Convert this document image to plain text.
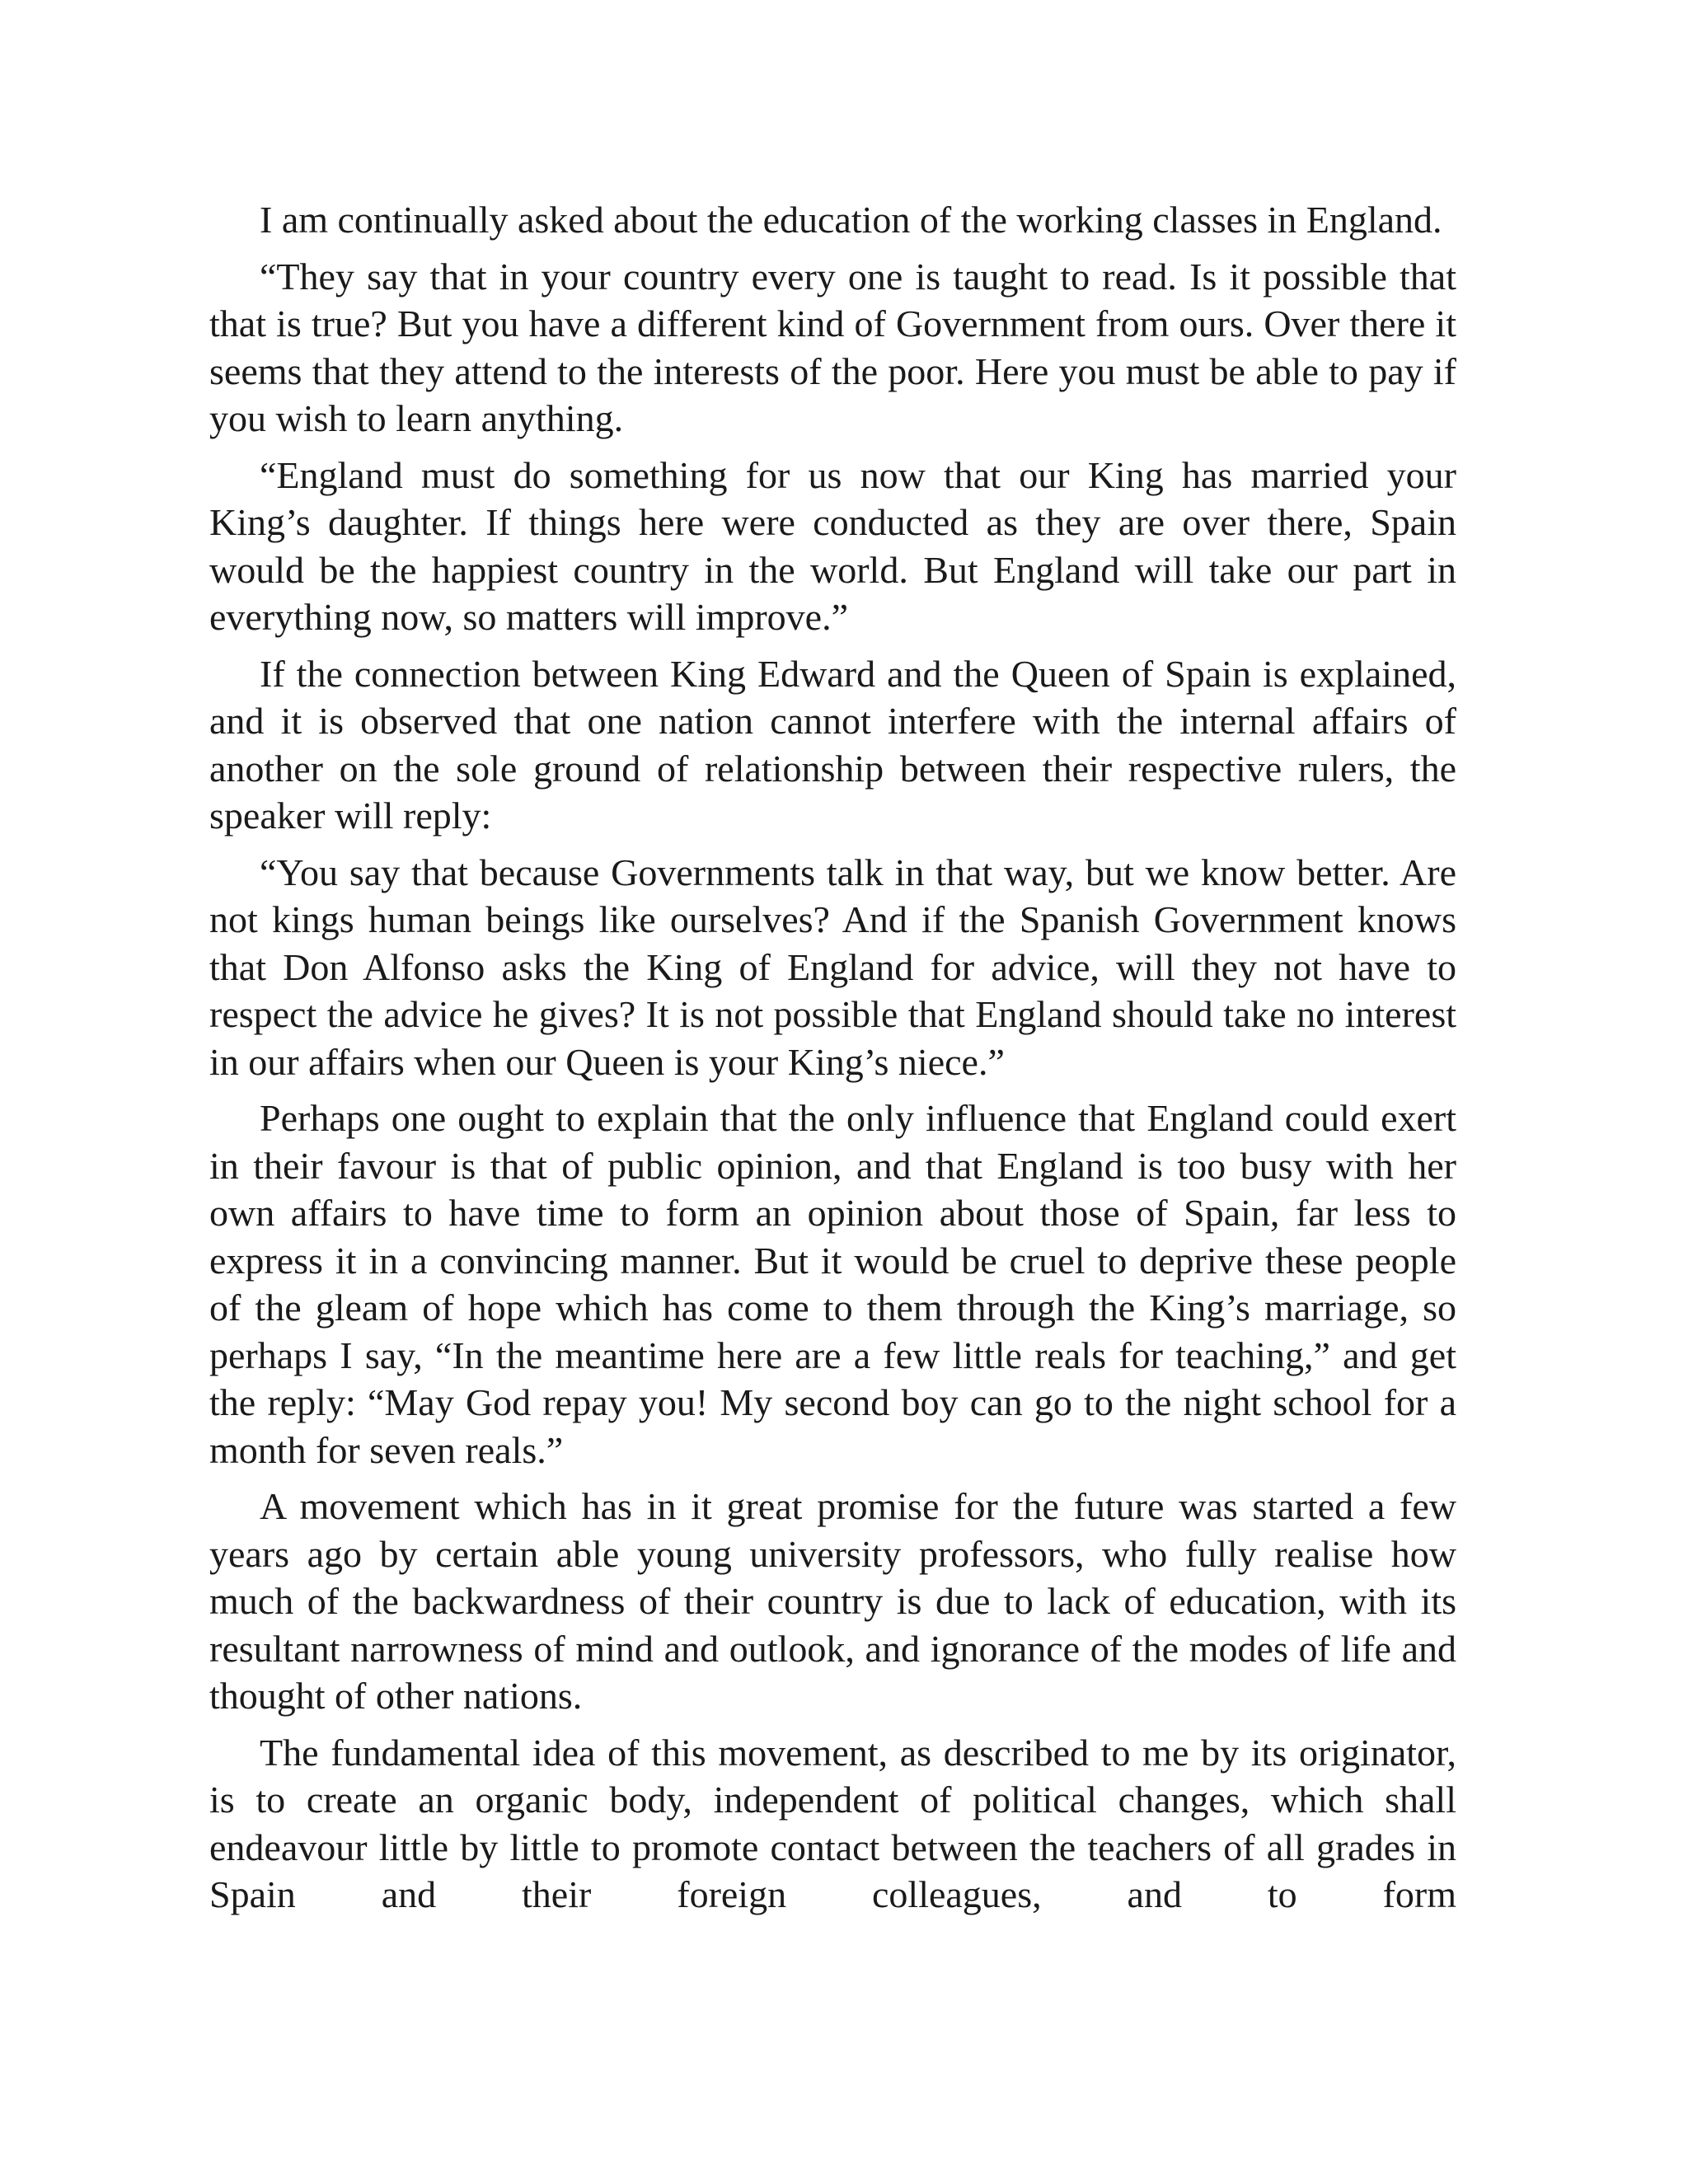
I am continually asked about the education of the working classes in England.

“They say that in your country every one is taught to read. Is it possible that that is true? But you have a different kind of Government from ours. Over there it seems that they attend to the interests of the poor. Here you must be able to pay if you wish to learn anything.

“England must do something for us now that our King has married your King’s daughter. If things here were conducted as they are over there, Spain would be the happiest country in the world. But England will take our part in everything now, so matters will improve.”

If the connection between King Edward and the Queen of Spain is explained, and it is observed that one nation cannot interfere with the internal affairs of another on the sole ground of relationship between their respective rulers, the speaker will reply:

“You say that because Governments talk in that way, but we know better. Are not kings human beings like ourselves? And if the Spanish Government knows that Don Alfonso asks the King of England for advice, will they not have to respect the advice he gives? It is not possible that England should take no interest in our affairs when our Queen is your King’s niece.”

Perhaps one ought to explain that the only influence that England could exert in their favour is that of public opinion, and that England is too busy with her own affairs to have time to form an opinion about those of Spain, far less to express it in a convincing manner. But it would be cruel to deprive these people of the gleam of hope which has come to them through the King’s marriage, so perhaps I say, “In the meantime here are a few little reals for teaching,” and get the reply: “May God repay you! My second boy can go to the night school for a month for seven reals.”

A movement which has in it great promise for the future was started a few years ago by certain able young university professors, who fully realise how much of the backwardness of their country is due to lack of education, with its resultant narrowness of mind and outlook, and ignorance of the modes of life and thought of other nations.

The fundamental idea of this movement, as described to me by its originator, is to create an organic body, independent of political changes, which shall endeavour little by little to promote contact between the teachers of all grades in Spain and their foreign colleagues, and to form
